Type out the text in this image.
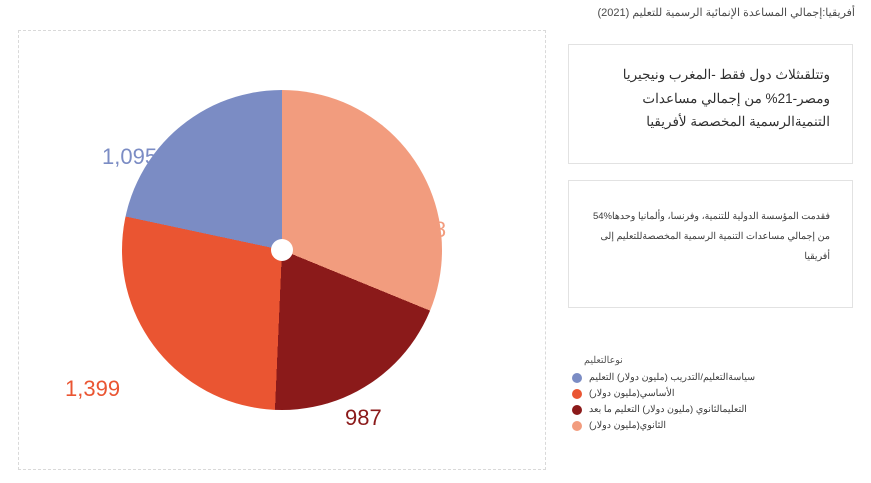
أفريقيا:إجمالي المساعدة الإنمائية الرسمية للتعليم (2021)
وتتلقى‏ثلاث دول فقط -المغرب ونيجيريا ومصر-21% من إجمالي مساعدات التنمية‏الرسمية المخصصة لأفريقيا
فقدمت المؤسسة الدولية للتنمية، وفرنسا، وألمانيا وحدها‏54% من إجمالي مساعدات التنمية الرسمية المخصصة‏للتعليم إلى أفريقيا
نوع‏التعليم
سياسة‏التعليم/التدريب (مليون دولار) التعليم
الأساسي‏(مليون دولار)
التعليم‏الثانوي (مليون دولار) التعليم ما بعد
الثانوي‏(مليون دولار)
1,578
987
1,399
1,095
